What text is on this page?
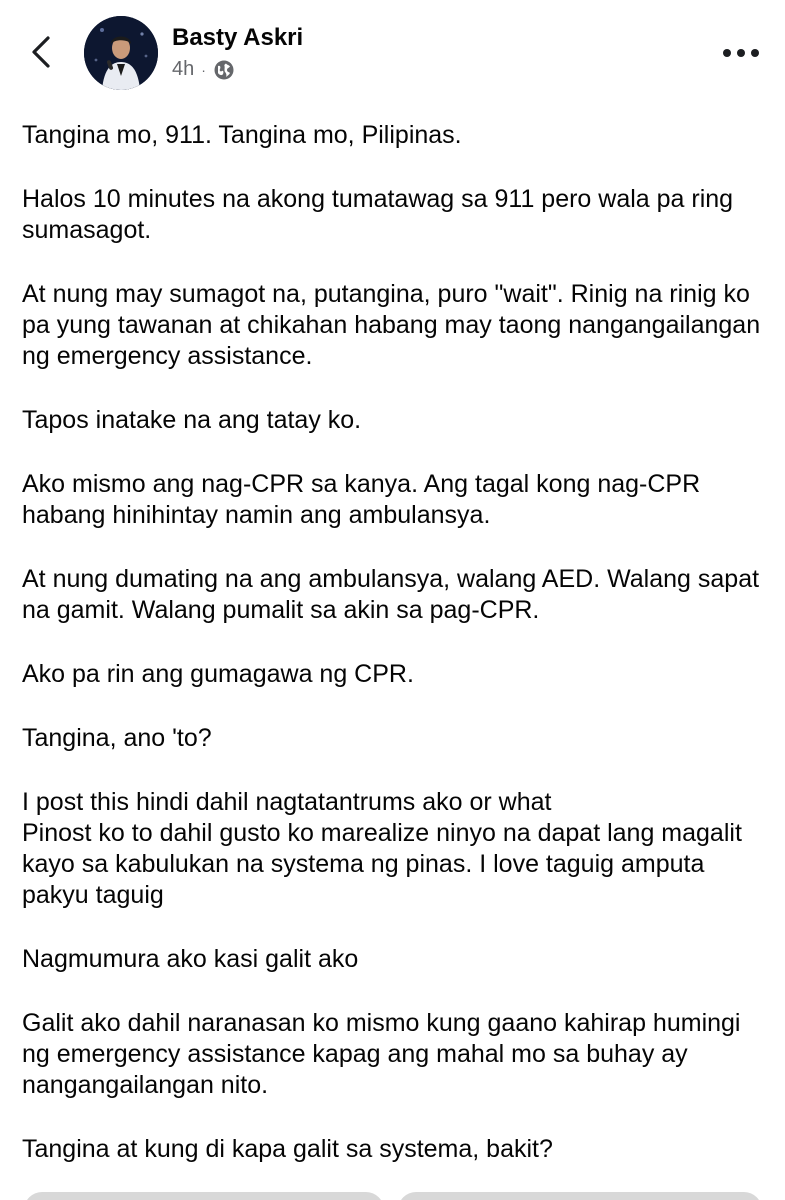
Basty Askri
4h ·

Tangina mo, 911. Tangina mo, Pilipinas.

Halos 10 minutes na akong tumatawag sa 911 pero wala pa ring sumasagot.

At nung may sumagot na, putangina, puro "wait". Rinig na rinig ko pa yung tawanan at chikahan habang may taong nangangailangan ng emergency assistance.

Tapos inatake na ang tatay ko.

Ako mismo ang nag-CPR sa kanya. Ang tagal kong nag-CPR habang hinihintay namin ang ambulansya.

At nung dumating na ang ambulansya, walang AED. Walang sapat na gamit. Walang pumalit sa akin sa pag-CPR.

Ako pa rin ang gumagawa ng CPR.

Tangina, ano 'to?

I post this hindi dahil nagtatantrums ako or what
Pinost ko to dahil gusto ko marealize ninyo na dapat lang magalit kayo sa kabulukan na systema ng pinas. I love taguig amputa pakyu taguig

Nagmumura ako kasi galit ako

Galit ako dahil naranasan ko mismo kung gaano kahirap humingi ng emergency assistance kapag ang mahal mo sa buhay ay nangangailangan nito.

Tangina at kung di kapa galit sa systema, bakit?
